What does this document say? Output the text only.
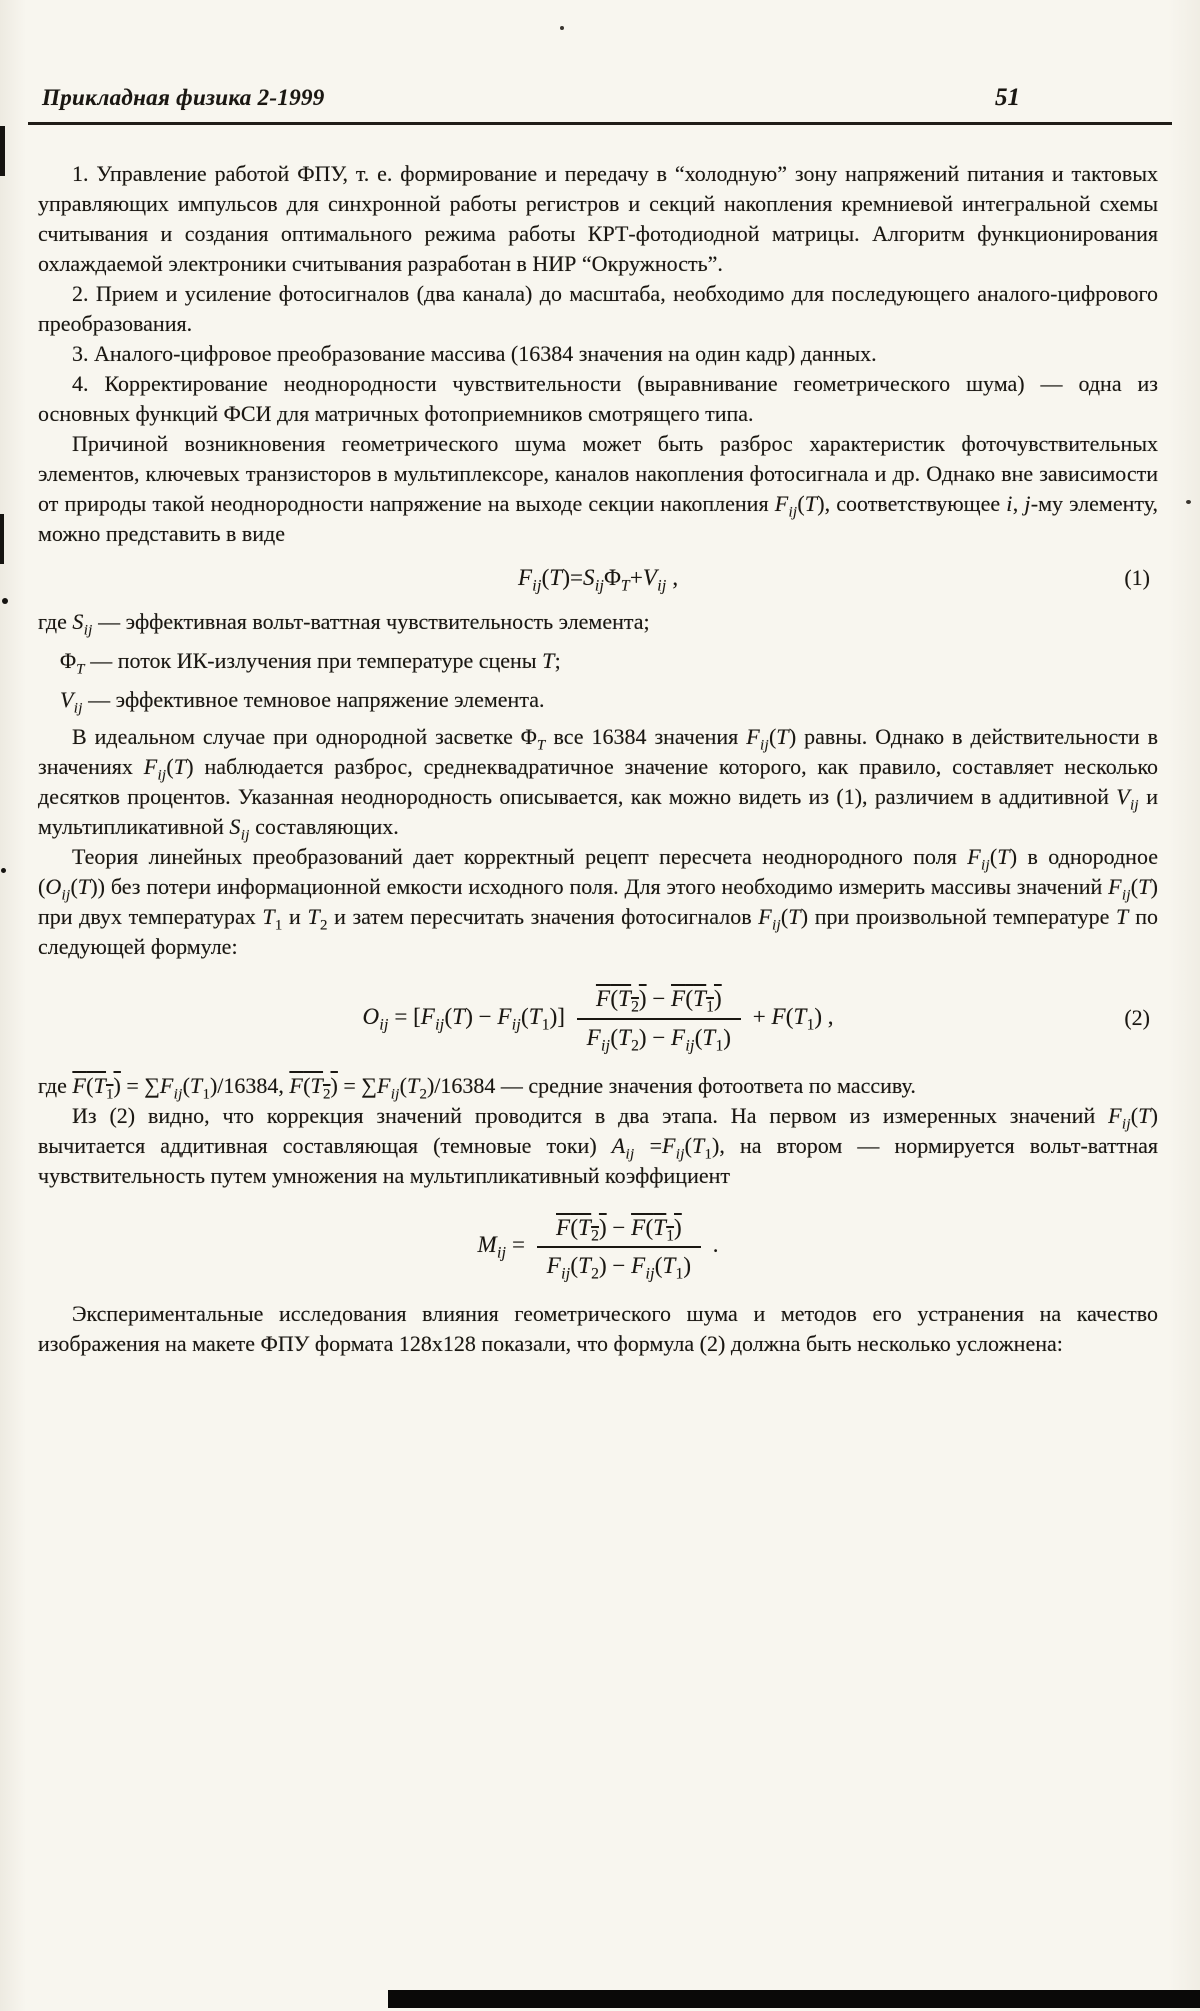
Прикладная физика 2-1999	51

1. Управление работой ФПУ, т. е. формирование и передачу в “холодную” зону напряжений питания и тактовых управляющих импульсов для синхронной работы регистров и секций накопления кремниевой интегральной схемы считывания и создания оптимального режима работы КРТ-фотодиодной матрицы. Алгоритм функционирования охлаждаемой электроники считывания разработан в НИР “Окружность”.

2. Прием и усиление фотосигналов (два канала) до масштаба, необходимо для последующего аналого-цифрового преобразования.

3. Аналого-цифровое преобразование массива (16384 значения на один кадр) данных.

4. Корректирование неоднородности чувствительности (выравнивание геометрического шума) — одна из основных функций ФСИ для матричных фотоприемников смотрящего типа.

Причиной возникновения геометрического шума может быть разброс характеристик фоточувствительных элементов, ключевых транзисторов в мультиплексоре, каналов накопления фотосигнала и др. Однако вне зависимости от природы такой неоднородности напряжение на выходе секции накопления $F_{ij}(T)$, соответствующее i, j-му элементу, можно представить в виде

$F_{ij}(T)=S_{ij}\Phi_T+V_{ij}$ ,	(1)
где $S_{ij}$ — эффективная вольт-ваттная чувствительность элемента;
$\Phi_T$ — поток ИК-излучения при температуре сцены T;
$V_{ij}$ — эффективное темновое напряжение элемента.

В идеальном случае при однородной засветке $\Phi_T$ все 16384 значения $F_{ij}(T)$ равны. Однако в действительности в значениях $F_{ij}(T)$ наблюдается разброс, среднеквадратичное значение которого, как правило, составляет несколько десятков процентов. Указанная неоднородность описывается, как можно видеть из (1), различием в аддитивной $V_{ij}$ и мультипликативной $S_{ij}$ составляющих.

Теория линейных преобразований дает корректный рецепт пересчета неоднородного поля $F_{ij}(T)$ в однородное $(O_{ij}(T))$ без потери информационной емкости исходного поля. Для этого необходимо измерить массивы значений $F_{ij}(T)$ при двух температурах $T_1$ и $T_2$ и затем пересчитать значения фотосигналов $F_{ij}(T)$ при произвольной температуре T по следующей формуле:

$O_{ij} = [F_{ij}(T) - F_{ij}(T_1)] \frac{F(T_2) - F(T_1)}{F_{ij}(T_2) - F_{ij}(T_1)} + F(T_1)$ ,	(2)

где $F(T_1) = \sum F_{ij}(T_1)/16384$, $F(T_2) = \sum F_{ij}(T_2)/16384$ — средние значения фотоответа по массиву.

Из (2) видно, что коррекция значений проводится в два этапа. На первом из измеренных значений $F_{ij}(T)$ вычитается аддитивная составляющая (темновые токи) $A_{ij} =F_{ij}(T_1)$, на втором — нормируется вольт-ваттная чувствительность путем умножения на мультипликативный коэффициент

$M_{ij} = \frac{F(T_2) - F(T_1)}{F_{ij}(T_2) - F_{ij}(T_1)}$ .

Экспериментальные исследования влияния геометрического шума и методов его устранения на качество изображения на макете ФПУ формата 128x128 показали, что формула (2) должна быть несколько усложнена:
